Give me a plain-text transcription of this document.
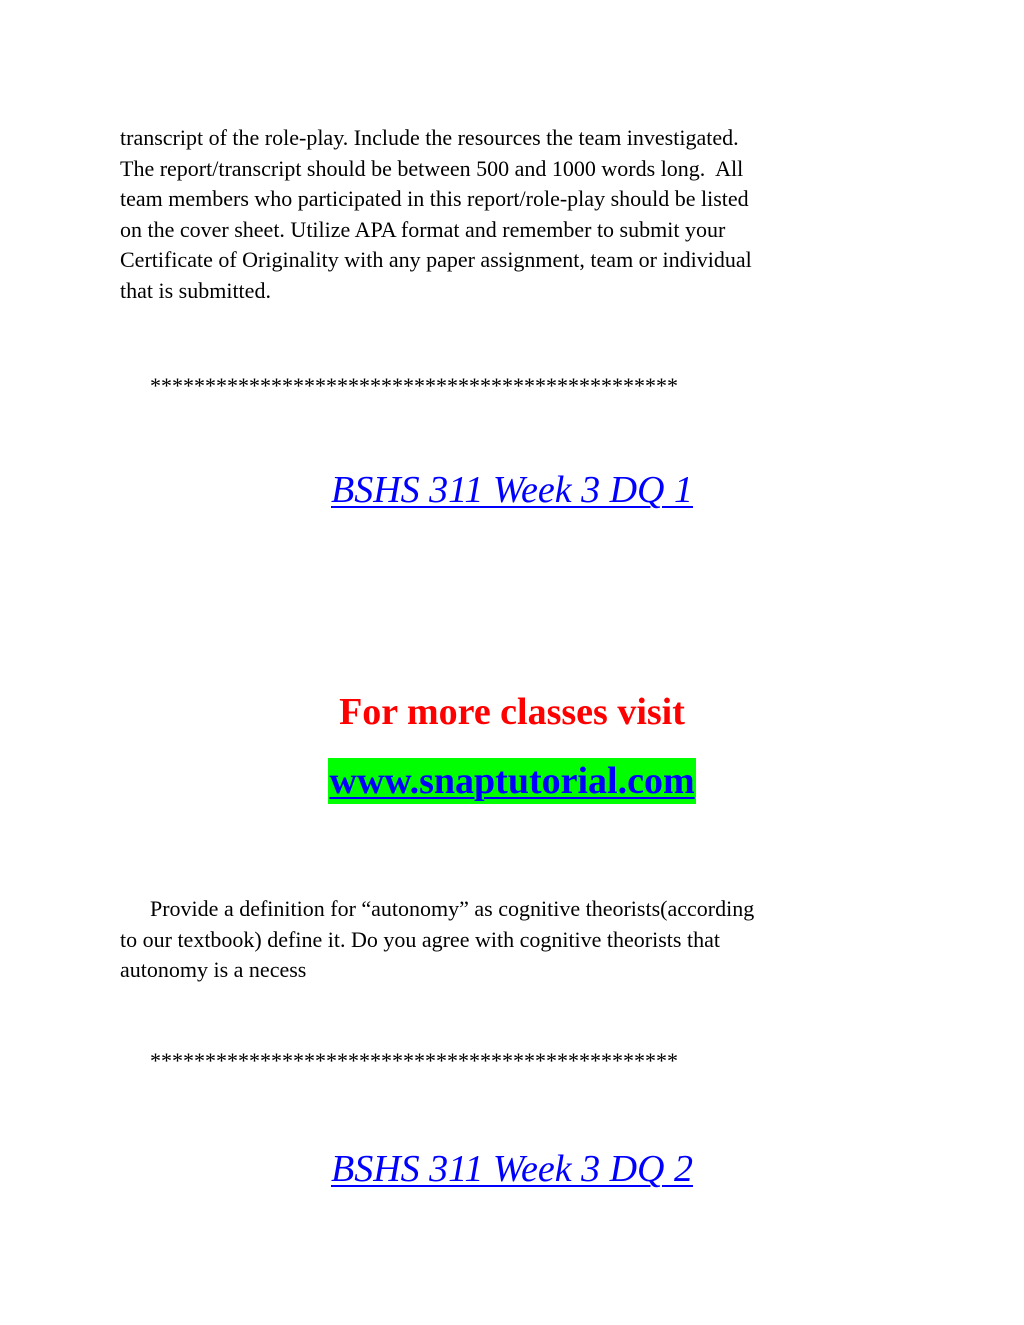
transcript of the role-play. Include the resources the team investigated.
The report/transcript should be between 500 and 1000 words long.  All
team members who participated in this report/role-play should be listed
on the cover sheet. Utilize APA format and remember to submit your
Certificate of Originality with any paper assignment, team or individual
that is submitted.

************************************************

BSHS 311 Week 3 DQ 1

For more classes visit

www.snaptutorial.com

Provide a definition for “autonomy” as cognitive theorists(according
to our textbook) define it. Do you agree with cognitive theorists that
autonomy is a necess

************************************************

BSHS 311 Week 3 DQ 2
